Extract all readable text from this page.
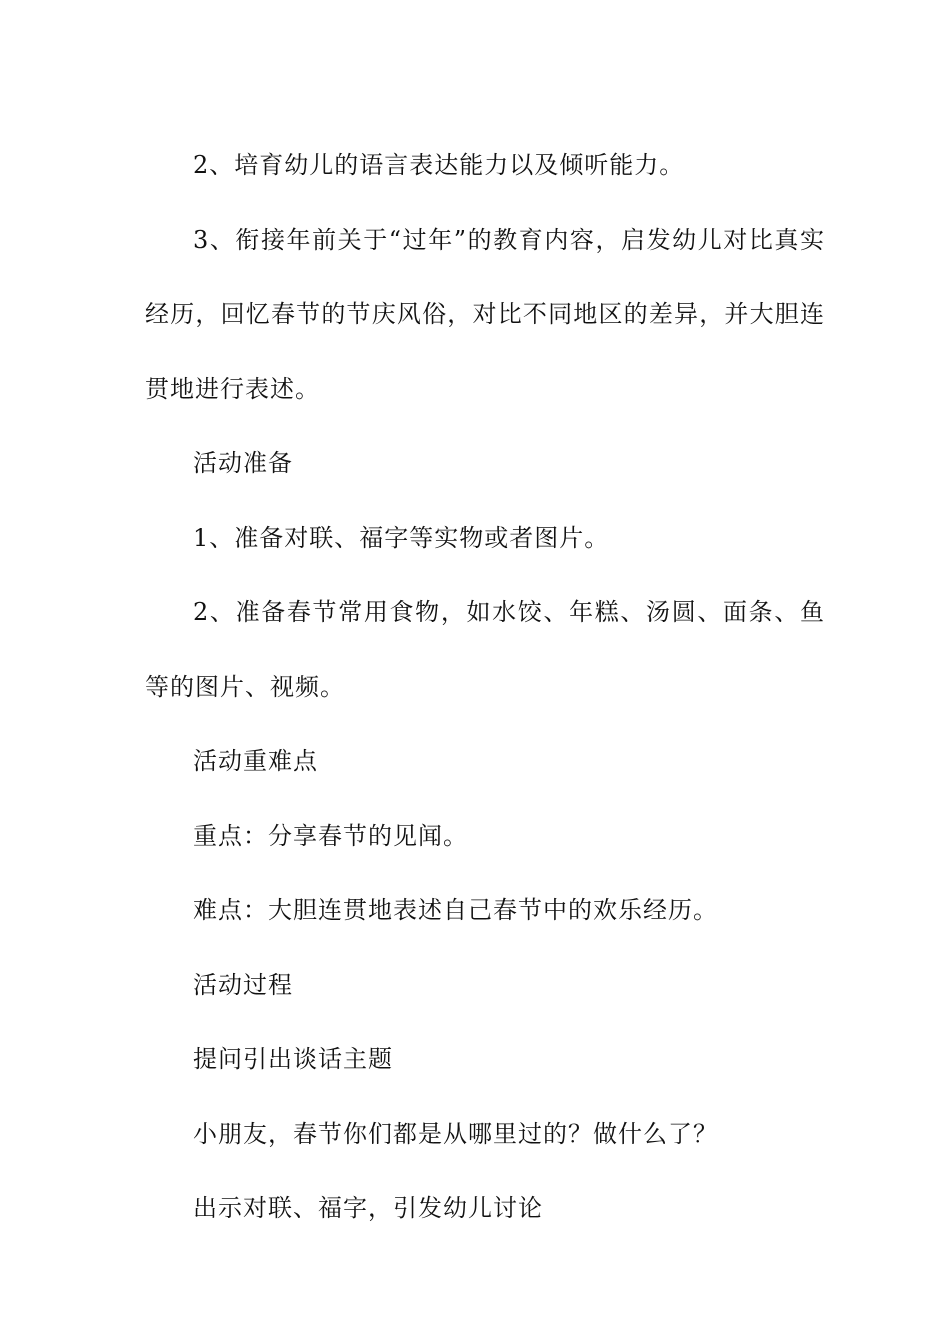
2、培育幼儿的语言表达能力以及倾听能力。

3、衔接年前关于“过年”的教育内容，启发幼儿对比真实经历，回忆春节的节庆风俗，对比不同地区的差异，并大胆连贯地进行表述。

活动准备

1、准备对联、福字等实物或者图片。

2、准备春节常用食物，如水饺、年糕、汤圆、面条、鱼等的图片、视频。

活动重难点

重点：分享春节的见闻。

难点：大胆连贯地表述自己春节中的欢乐经历。

活动过程

提问引出谈话主题

小朋友，春节你们都是从哪里过的？做什么了？

出示对联、福字，引发幼儿讨论
